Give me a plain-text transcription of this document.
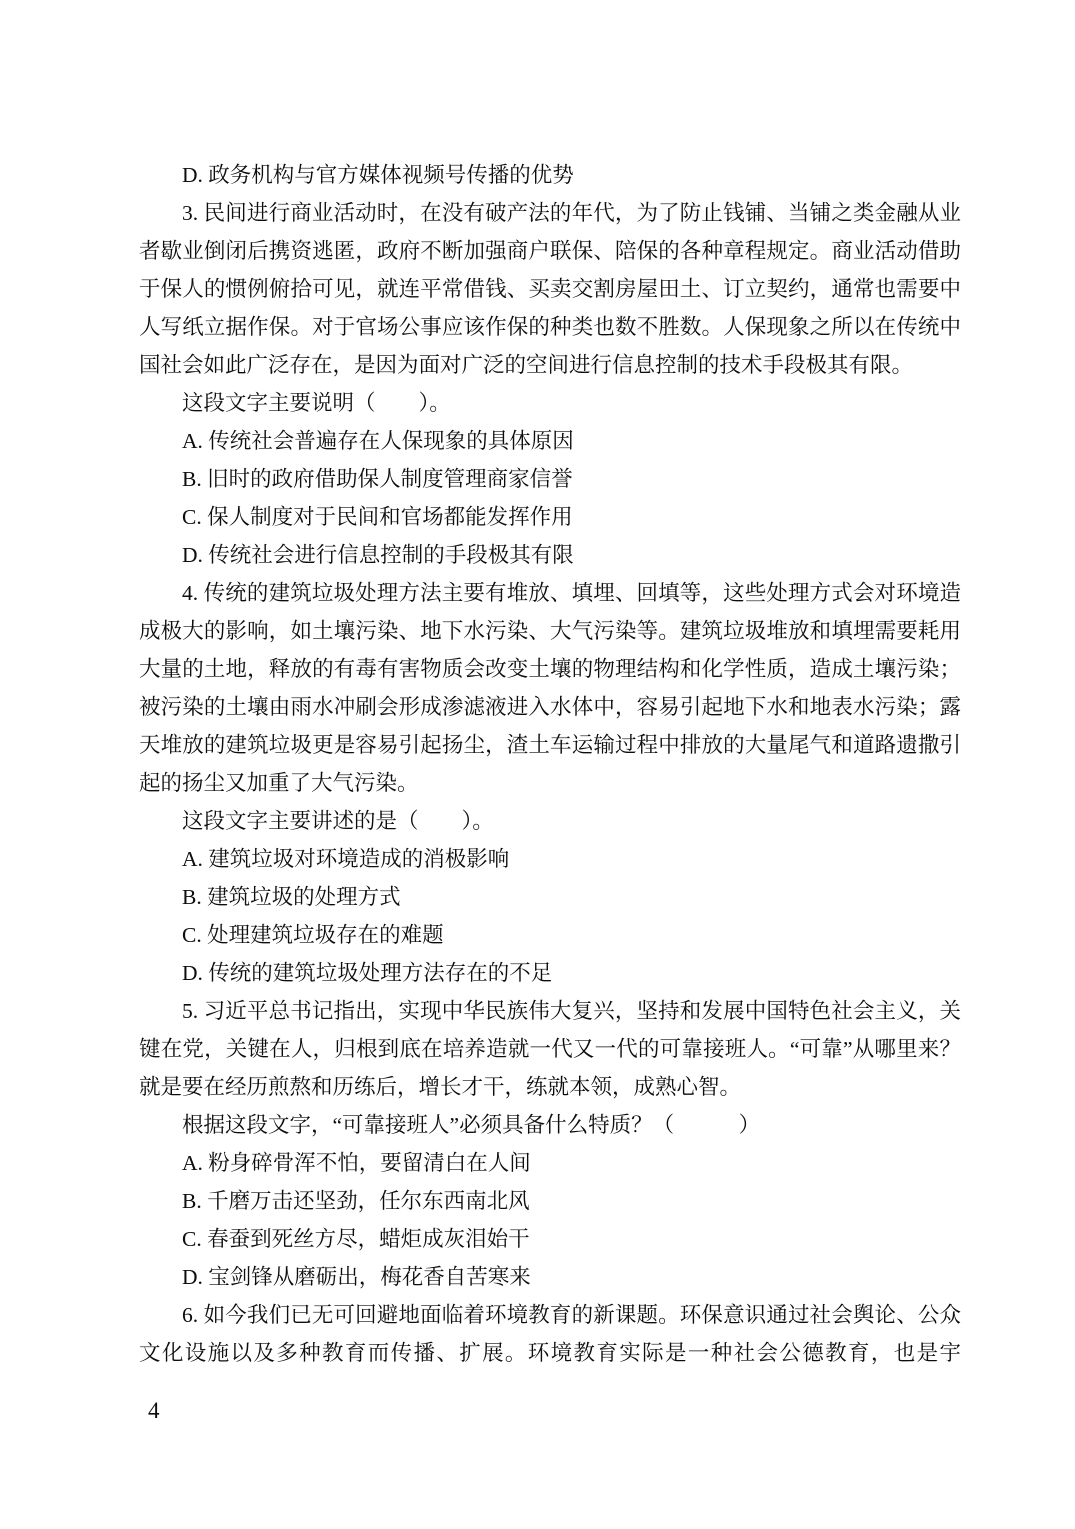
D. 政务机构与官方媒体视频号传播的优势

3. 民间进行商业活动时，在没有破产法的年代，为了防止钱铺、当铺之类金融从业者歇业倒闭后携资逃匿，政府不断加强商户联保、陪保的各种章程规定。商业活动借助于保人的惯例俯拾可见，就连平常借钱、买卖交割房屋田土、订立契约，通常也需要中人写纸立据作保。对于官场公事应该作保的种类也数不胜数。人保现象之所以在传统中国社会如此广泛存在，是因为面对广泛的空间进行信息控制的技术手段极其有限。

这段文字主要说明（　　）。

A. 传统社会普遍存在人保现象的具体原因

B. 旧时的政府借助保人制度管理商家信誉

C. 保人制度对于民间和官场都能发挥作用

D. 传统社会进行信息控制的手段极其有限

4. 传统的建筑垃圾处理方法主要有堆放、填埋、回填等，这些处理方式会对环境造成极大的影响，如土壤污染、地下水污染、大气污染等。建筑垃圾堆放和填埋需要耗用大量的土地，释放的有毒有害物质会改变土壤的物理结构和化学性质，造成土壤污染；被污染的土壤由雨水冲刷会形成渗滤液进入水体中，容易引起地下水和地表水污染；露天堆放的建筑垃圾更是容易引起扬尘，渣土车运输过程中排放的大量尾气和道路遗撒引起的扬尘又加重了大气污染。

这段文字主要讲述的是（　　）。

A. 建筑垃圾对环境造成的消极影响

B. 建筑垃圾的处理方式

C. 处理建筑垃圾存在的难题

D. 传统的建筑垃圾处理方法存在的不足

5. 习近平总书记指出，实现中华民族伟大复兴，坚持和发展中国特色社会主义，关键在党，关键在人，归根到底在培养造就一代又一代的可靠接班人。“可靠”从哪里来？就是要在经历煎熬和历练后，增长才干，练就本领，成熟心智。

根据这段文字，“可靠接班人”必须具备什么特质？（　　　）

A. 粉身碎骨浑不怕，要留清白在人间

B. 千磨万击还坚劲，任尔东西南北风

C. 春蚕到死丝方尽，蜡炬成灰泪始干

D. 宝剑锋从磨砺出，梅花香自苦寒来

6. 如今我们已无可回避地面临着环境教育的新课题。环保意识通过社会舆论、公众文化设施以及多种教育而传播、扩展。环境教育实际是一种社会公德教育，也是宇

4
